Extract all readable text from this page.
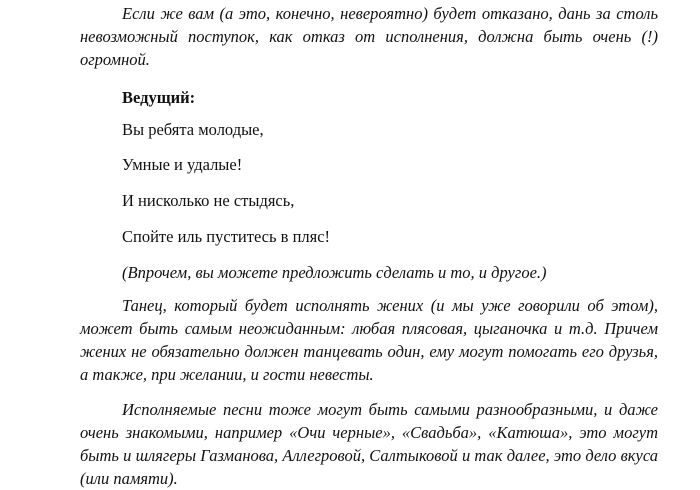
Если же вам (а это, конечно, невероятно) будет отказано, дань за столь невозможный поступок, как отказ от исполнения, должна быть очень (!) огромной.

Ведущий:

Вы ребята молодые,

Умные и удалые!

И нисколько не стыдясь,

Спойте иль пуститесь в пляс!

(Впрочем, вы можете предложить сделать и то, и другое.)

Танец, который будет исполнять жених (и мы уже говорили об этом), может быть самым неожиданным: любая плясовая, цыганочка и т.д. Причем жених не обязательно должен танцевать один, ему могут помогать его друзья, а также, при желании, и гости невесты.

Исполняемые песни тоже могут быть самыми разнообразными, и даже очень знакомыми, например «Очи черные», «Свадьба», «Катюша», это могут быть и шлягеры Газманова, Аллегровой, Салтыковой и так далее, это дело вкуса (или памяти).
